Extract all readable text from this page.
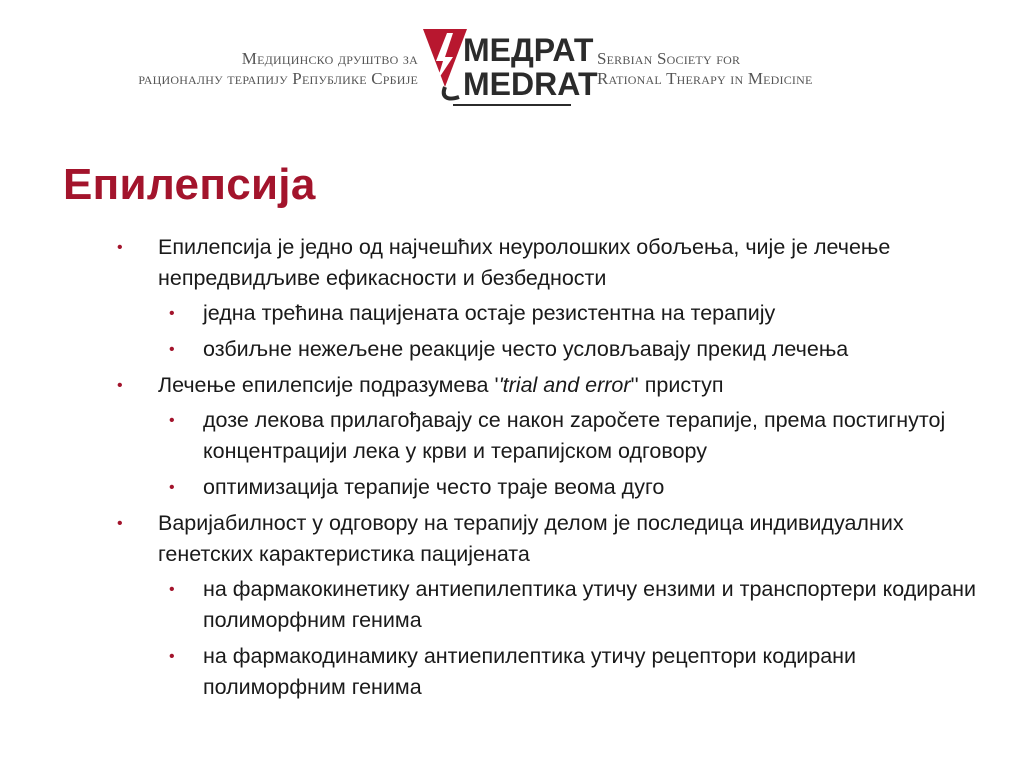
Медицинско друштво за
рационалну терапију Републике Србије
МЕДРАТ
MEDRAT
Serbian Society for
Rational Therapy in Medicine
Епилепсија
• Епилепсија је једно од најчешћих неуролошких обољења, чије је лечење непредвидљиве ефикасности и безбедности
• једна трећина пацијената остаје резистентна на терапију
• озбиљне нежељене реакције често условљавају прекид лечења
• Лечење епилепсије подразумева ''trial and error'' приступ
• дозе лекова прилагођавају се након započете терапије, према постигнутој концентрацији лека у крви и терапијском одговору
• оптимизација терапије често траје веома дуго
• Варијабилност у одговору на терапију делом је последица индивидуалних генетских карактеристика пацијената
• на фармакокинетику антиепилептика утичу ензими и транспортери кодирани полиморфним генима
• на фармакодинамику антиепилептика утичу рецептори кодирани полиморфним генима
